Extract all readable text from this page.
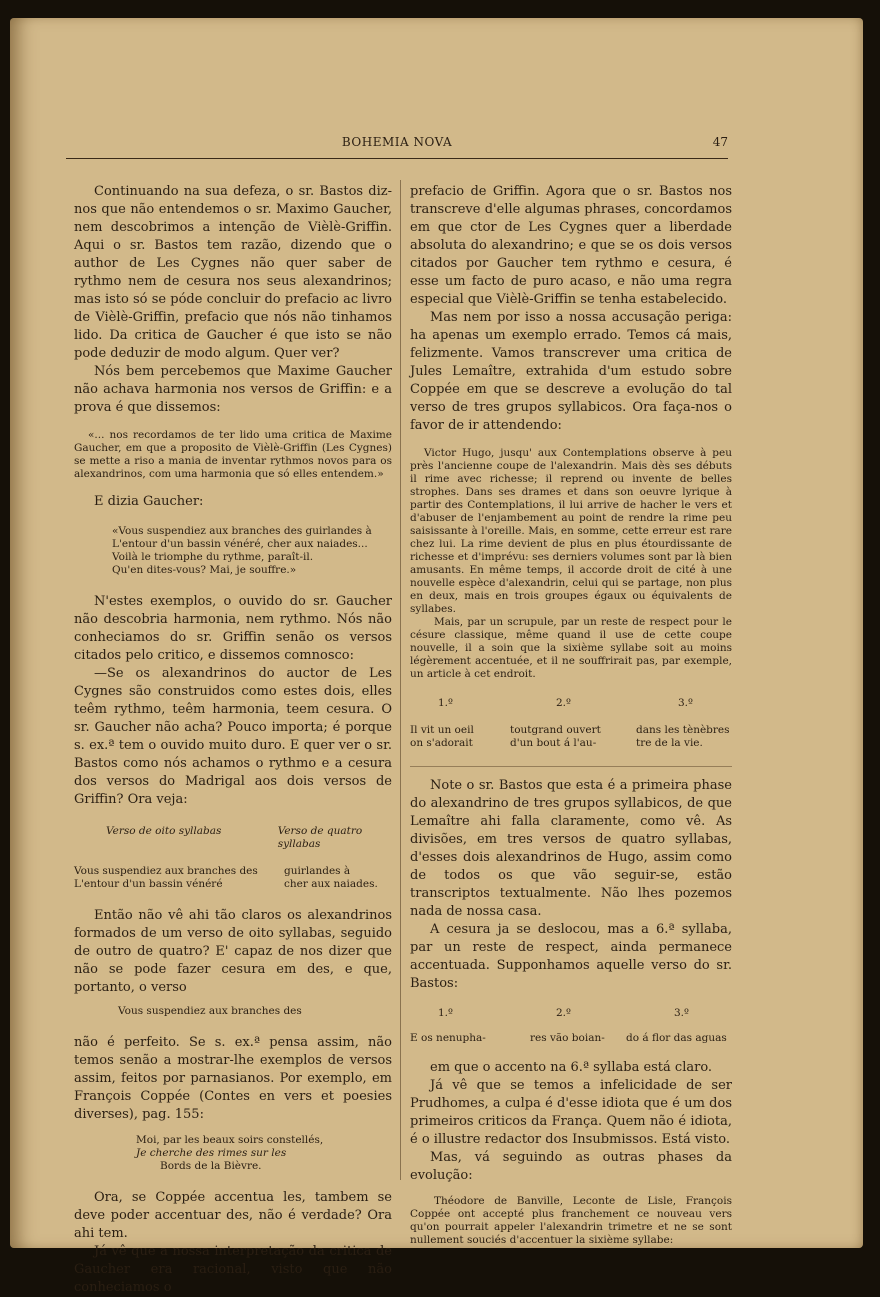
BOHEMIA NOVA	47

Continuando na sua defeza, o sr. Bastos diz-nos que não entendemos o sr. Maximo Gaucher, nem descobrimos a intenção de Vièlè-Griffin. Aqui o sr. Bastos tem razão, dizendo que o author de Les Cygnes não quer saber de rythmo nem de cesura nos seus alexandrinos; mas isto só se póde concluir do prefacio ac livro de Vièlè-Griffin, prefacio que nós não tinhamos lido. Da critica de Gaucher é que isto se não pode deduzir de modo algum. Quer ver?

Nós bem percebemos que Maxime Gaucher não achava harmonia nos versos de Griffin: e a prova é que dissemos:

«... nos recordamos de ter lido uma critica de Maxime Gaucher, em que a proposito de Vièlè-Griffin (Les Cygnes) se mette a riso a mania de inventar rythmos novos para os alexandrinos, com uma harmonia que só elles entendem.»

E dizia Gaucher:

«Vous suspendiez aux branches des guirlandes à

L'entour d'un bassin vénéré, cher aux naiades...

Voilà le triomphe du rythme, paraît-il.

Qu'en dites-vous? Mai, je souffre.»

N'estes exemplos, o ouvido do sr. Gaucher não descobria harmonia, nem rythmo. Nós não conheciamos do sr. Griffin senão os versos citados pelo critico, e dissemos comnosco:

—Se os alexandrinos do auctor de Les Cygnes são construidos como estes dois, elles teêm rythmo, teêm harmonia, teem cesura. O sr. Gaucher não acha? Pouco importa; é porque s. ex.ª tem o ouvido muito duro. E quer ver o sr. Bastos como nós achamos o rythmo e a cesura dos versos do Madrigal aos dois versos de Griffin? Ora veja:

Verso de oito syllabas	Verso de quatro syllabas
Vous suspendiez aux branches des	guirlandes à
L'entour d'un bassin vénéré	cher aux naiades.

Então não vê ahi tão claros os alexandrinos formados de um verso de oito syllabas, seguido de outro de quatro? E' capaz de nos dizer que não se pode fazer cesura em des, e que, portanto, o verso

Vous suspendiez aux branches des

não é perfeito. Se s. ex.ª pensa assim, não temos senão a mostrar-lhe exemplos de versos assim, feitos por parnasianos. Por exemplo, em François Coppée (Contes en vers et poesies diverses), pag. 155:

Moi, par les beaux soirs constellés,

Je cherche des rimes sur les

Bords de la Bièvre.

Ora, se Coppée accentua les, tambem se deve poder accentuar des, não é verdade? Ora ahi tem.

Já vê que a nossa interpretação da critica de Gaucher era racional, visto que não conheciamos o

prefacio de Griffin. Agora que o sr. Bastos nos transcreve d'elle algumas phrases, concordamos em que ctor de Les Cygnes quer a liberdade absoluta do alexandrino; e que se os dois versos citados por Gaucher tem rythmo e cesura, é esse um facto de puro acaso, e não uma regra especial que Vièlè-Griffin se tenha estabelecido.

Mas nem por isso a nossa accusação periga: ha apenas um exemplo errado. Temos cá mais, felizmente. Vamos transcrever uma critica de Jules Lemaître, extrahida d'um estudo sobre Coppée em que se descreve a evolução do tal verso de tres grupos syllabicos. Ora faça-nos o favor de ir attendendo:

Victor Hugo, jusqu' aux Contemplations observe à peu près l'ancienne coupe de l'alexandrin. Mais dès ses débuts il rime avec richesse; il reprend ou invente de belles strophes. Dans ses drames et dans son oeuvre lyrique à partir des Contemplations, il lui arrive de hacher le vers et d'abuser de l'enjambement au point de rendre la rime peu saisissante à l'oreille. Mais, en somme, cette erreur est rare chez lui. La rime devient de plus en plus étourdissante de richesse et d'imprévu: ses derniers volumes sont par là bien amusants. En même temps, il accorde droit de cité à une nouvelle espèce d'alexandrin, celui qui se partage, non plus en deux, mais en trois groupes égaux ou équivalents de syllabes.

Mais, par un scrupule, par un reste de respect pour le césure classique, même quand il use de cette coupe nouvelle, il a soin que la sixième syllabe soit au moins légèrement accentuée, et il ne souffrirait pas, par exemple, un article à cet endroit.

1.º	2.º	3.º
Il vit un oeil	toutgrand ouvert	dans les tènèbres
on s'adorait	d'un bout á l'au-	tre de la vie.

Note o sr. Bastos que esta é a primeira phase do alexandrino de tres grupos syllabicos, de que Lemaître ahi falla claramente, como vê. As divisões, em tres versos de quatro syllabas, d'esses dois alexandrinos de Hugo, assim como de todos os que vão seguir-se, estão transcriptos textualmente. Não lhes pozemos nada de nossa casa.

A cesura ja se deslocou, mas a 6.ª syllaba, par un reste de respect, ainda permanece accentuada. Supponhamos aquelle verso do sr. Bastos:

1.º	2.º	3.º
E os nenupha-	res vão boian-	do á flor das aguas

em que o accento na 6.ª syllaba está claro.

Já vê que se temos a infelicidade de ser Prudhomes, a culpa é d'esse idiota que é um dos primeiros criticos da França. Quem não é idiota, é o illustre redactor dos Insubmissos. Está visto.

Mas, vá seguindo as outras phases da evolução:

Théodore de Banville, Leconte de Lisle, François Coppée ont accepté plus franchement ce nouveau vers qu'on pourrait appeler l'alexandrin trimetre et ne se sont nullement souciés d'accentuer la sixième syllabe:
